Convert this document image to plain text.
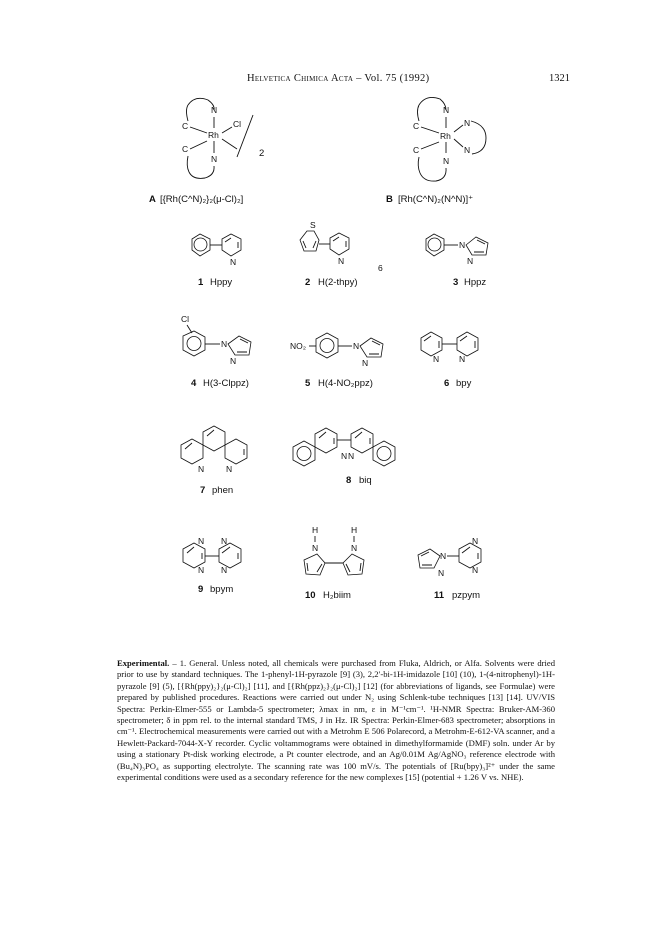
Helvetica Chimica Acta – Vol. 75 (1992)	1321
N
Rh
N
C
C
Cl
2
A [{Rh(C^N)₂}₂(μ-Cl)₂]
N
Rh
N
C
C
N
N
B [Rh(C^N)₂(N^N)]⁺
N
1 Hppy
S
N
2 H(2-thpy)
6
N
N
3 Hppz
Cl
N
N
4 H(3-Clppz)
NO₂	N
N
5 H(4-NO₂ppz)
N N
6 bpy
N	N
7 phen
N N
8 biq
N N
N N
9 bpym
H	H
N	N
10 H₂biim
N
N
N
N
11 pzpym
Experimental. – 1. General. Unless noted, all chemicals were purchased from Fluka, Aldrich, or Alfa. Solvents were dried prior to use by standard techniques. The 1-phenyl-1H-pyrazole [9] (3), 2,2′-bi-1H-imidazole [10] (10), 1-(4-nitrophenyl)-1H-pyrazole [9] (5), [{Rh(ppy)₂}₂(μ-Cl)₂] [11], and [{Rh(ppz)₂}₂(μ-Cl)₂] [12] (for abbreviations of ligands, see Formulae) were prepared by published procedures. Reactions were carried out under N₂ using Schlenk-tube techniques [13] [14]. UV/VIS Spectra: Perkin-Elmer-555 or Lambda-5 spectrometer; λmax in nm, ε in M⁻¹cm⁻¹. ¹H-NMR Spectra: Bruker-AM-360 spectrometer; δ in ppm rel. to the internal standard TMS, J in Hz. IR Spectra: Perkin-Elmer-683 spectrometer; absorptions in cm⁻¹. Electrochemical measurements were carried out with a Metrohm E 506 Polarecord, a Metrohm-E-612-VA scanner, and a Hewlett-Packard-7044-X-Y recorder. Cyclic voltammograms were obtained in dimethylformamide (DMF) soln. under Ar by using a stationary Pt-disk working electrode, a Pt counter electrode, and an Ag/0.01M Ag/AgNO₃ reference electrode with (Bu₄N)₃PO₄ as supporting electrolyte. The scanning rate was 100 mV/s. The potentials of [Ru(bpy)₃]²⁺ under the same experimental conditions were used as a secondary reference for the new complexes [15] (potential + 1.26 V vs. NHE).
